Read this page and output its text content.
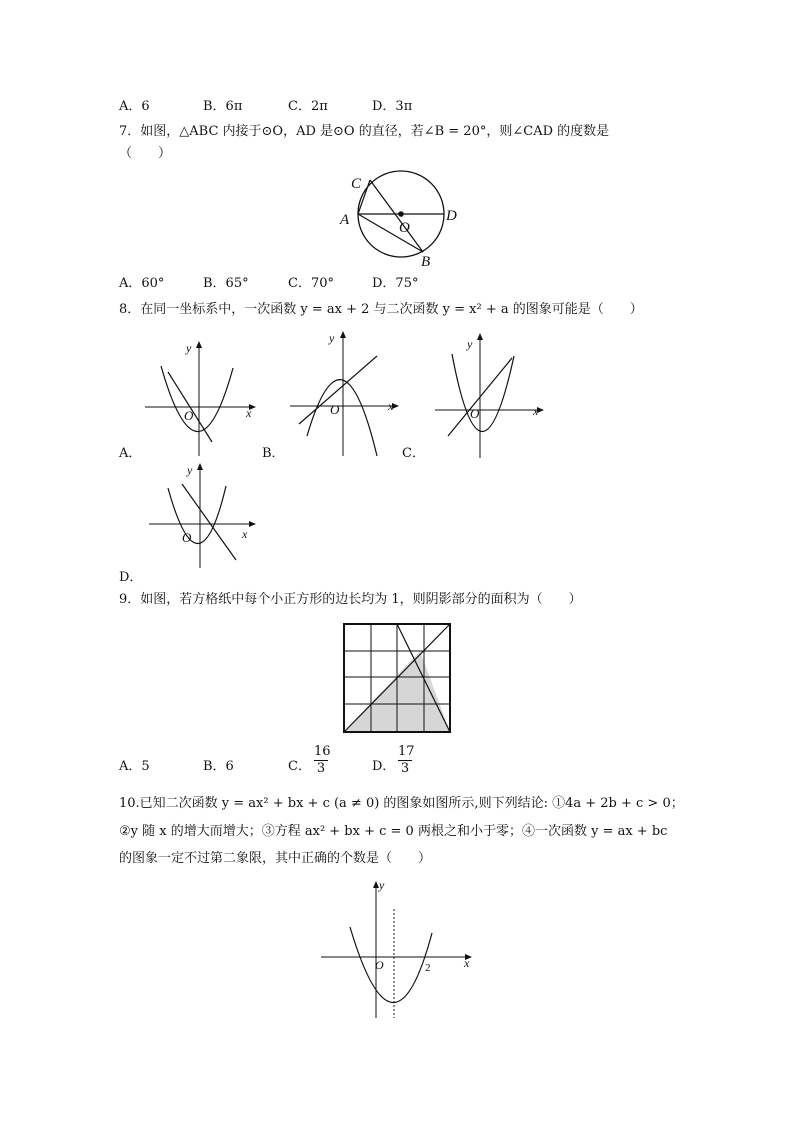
A．6	B．6π	C．2π	D．3π
7．如图，△ABC 内接于⊙O，AD 是⊙O 的直径，若∠B = 20°，则∠CAD 的度数是
（　　）
C
A	O
D
B
A．60°	B．65°	C．70°	D．75°
8．在同一坐标系中，一次函数 y = ax + 2 与二次函数 y = x² + a 的图象可能是（　　）
y
x
O
A．
y
x
O
B．
y
x
O
C．
y
x
O
D．
9．如图，若方格纸中每个小正方形的边长均为 1，则阴影部分的面积为（　　）
A．5	B．6	C． $\frac{16}{3}$	D． $\frac{17}{3}$
10.已知二次函数 y = ax² + bx + c (a ≠ 0) 的图象如图所示,则下列结论: ①4a + 2b + c > 0；
②y 随 x 的增大而增大；③方程 ax² + bx + c = 0 两根之和小于零；④一次函数 y = ax + bc
的图象一定不过第二象限，其中正确的个数是（　　）
y
x
O	2
